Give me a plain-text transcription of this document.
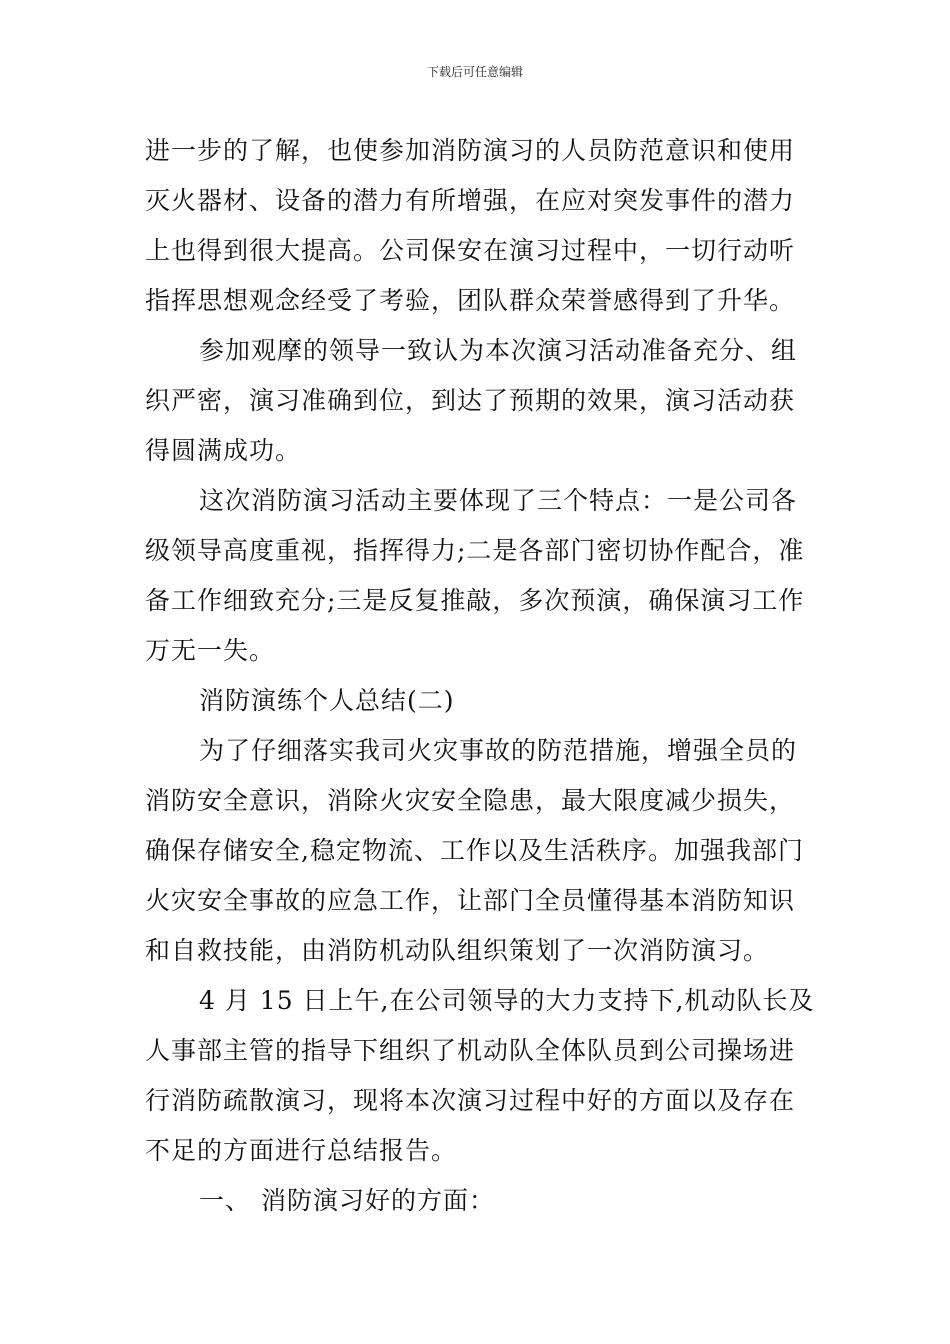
下载后可任意编辑
进一步的了解，也使参加消防演习的人员防范意识和使用
灭火器材、设备的潜力有所增强，在应对突发事件的潜力
上也得到很大提高。公司保安在演习过程中，一切行动听
指挥思想观念经受了考验，团队群众荣誉感得到了升华。
参加观摩的领导一致认为本次演习活动准备充分、组
织严密，演习准确到位，到达了预期的效果，演习活动获
得圆满成功。
这次消防演习活动主要体现了三个特点：一是公司各
级领导高度重视，指挥得力;二是各部门密切协作配合，准
备工作细致充分;三是反复推敲，多次预演，确保演习工作
万无一失。
消防演练个人总结(二)
为了仔细落实我司火灾事故的防范措施，增强全员的
消防安全意识，消除火灾安全隐患，最大限度减少损失，
确保存储安全,稳定物流、工作以及生活秩序。加强我部门
火灾安全事故的应急工作，让部门全员懂得基本消防知识
和自救技能，由消防机动队组织策划了一次消防演习。
4 月 15 日上午,在公司领导的大力支持下,机动队长及
人事部主管的指导下组织了机动队全体队员到公司操场进
行消防疏散演习，现将本次演习过程中好的方面以及存在
不足的方面进行总结报告。
一、 消防演习好的方面：
